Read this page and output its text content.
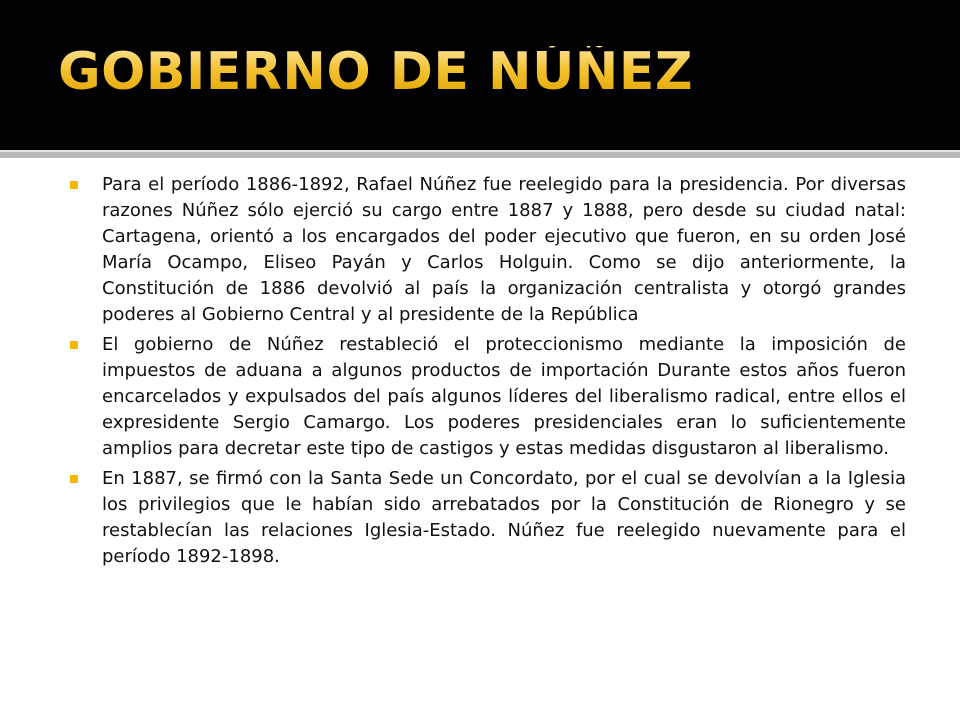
GOBIERNO DE NÚÑEZ
Para el período 1886-1892, Rafael Núñez fue reelegido para la presidencia. Por diversas razones Núñez sólo ejerció su cargo entre 1887 y 1888, pero desde su ciudad natal: Cartagena, orientó a los encargados del poder ejecutivo que fueron, en su orden José María Ocampo, Eliseo Payán y Carlos Holguin. Como se dijo anteriormente, la Constitución de 1886 devolvió al país la organización centralista y otorgó grandes poderes al Gobierno Central y al presidente de la República
El gobierno de Núñez restableció el proteccionismo mediante la imposición de impuestos de aduana a algunos productos de importación Durante estos años fueron encarcelados y expulsados del país algunos líderes del liberalismo radical, entre ellos el expresidente Sergio Camargo. Los poderes presidenciales eran lo suficientemente amplios para decretar este tipo de castigos y estas medidas disgustaron al liberalismo.
En 1887, se firmó con la Santa Sede un Concordato, por el cual se devolvían a la Iglesia los privilegios que le habían sido arrebatados por la Constitución de Rionegro y se restablecían las relaciones Iglesia-Estado. Núñez fue reelegido nuevamente para el período 1892-1898.
